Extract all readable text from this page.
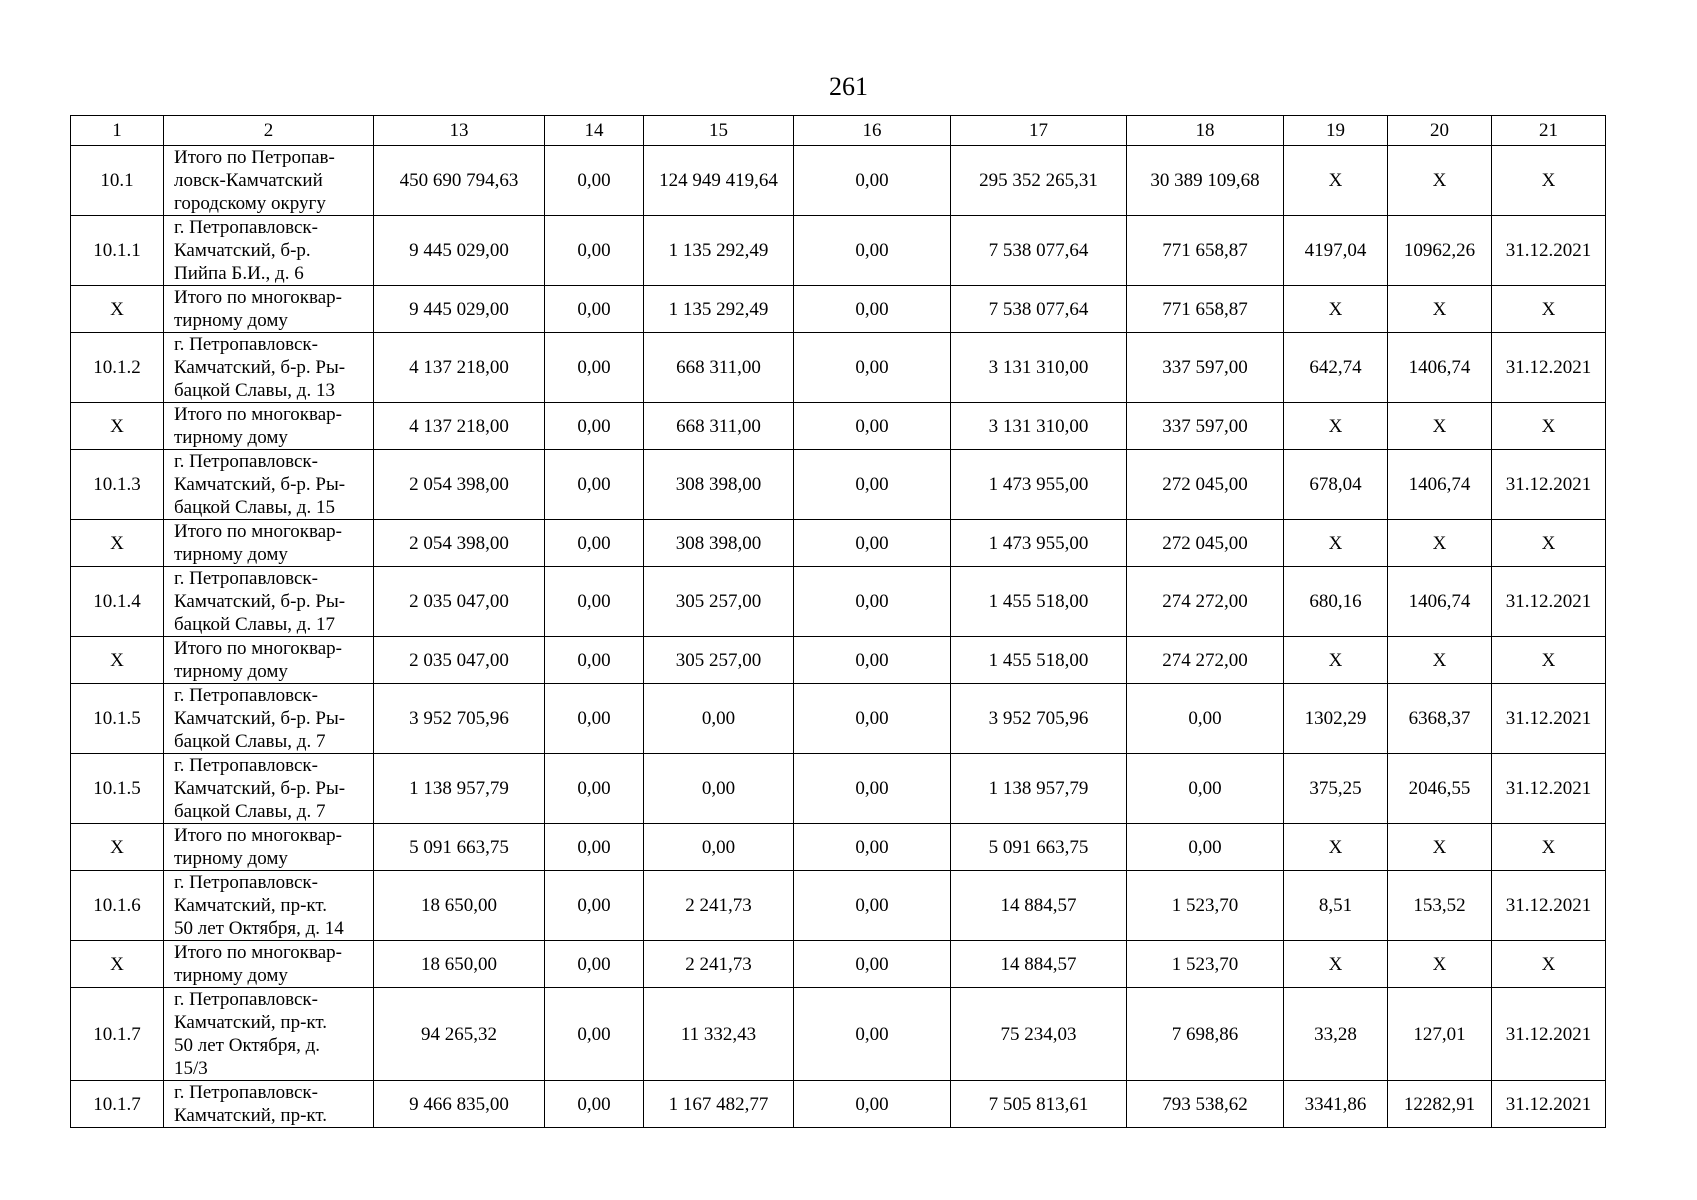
261
1	2	13	14	15	16	17	18	19	20	21
10.1	Итого по Петропав-
ловск-Камчатский
городскому округу	450 690 794,63	0,00	124 949 419,64	0,00	295 352 265,31	30 389 109,68	X	X	X
10.1.1	г. Петропавловск-
Камчатский, б-р.
Пийпа Б.И., д. 6	9 445 029,00	0,00	1 135 292,49	0,00	7 538 077,64	771 658,87	4197,04	10962,26	31.12.2021
X	Итого по многоквар-
тирному дому	9 445 029,00	0,00	1 135 292,49	0,00	7 538 077,64	771 658,87	X	X	X
10.1.2	г. Петропавловск-
Камчатский, б-р. Ры-
бацкой Славы, д. 13	4 137 218,00	0,00	668 311,00	0,00	3 131 310,00	337 597,00	642,74	1406,74	31.12.2021
X	Итого по многоквар-
тирному дому	4 137 218,00	0,00	668 311,00	0,00	3 131 310,00	337 597,00	X	X	X
10.1.3	г. Петропавловск-
Камчатский, б-р. Ры-
бацкой Славы, д. 15	2 054 398,00	0,00	308 398,00	0,00	1 473 955,00	272 045,00	678,04	1406,74	31.12.2021
X	Итого по многоквар-
тирному дому	2 054 398,00	0,00	308 398,00	0,00	1 473 955,00	272 045,00	X	X	X
10.1.4	г. Петропавловск-
Камчатский, б-р. Ры-
бацкой Славы, д. 17	2 035 047,00	0,00	305 257,00	0,00	1 455 518,00	274 272,00	680,16	1406,74	31.12.2021
X	Итого по многоквар-
тирному дому	2 035 047,00	0,00	305 257,00	0,00	1 455 518,00	274 272,00	X	X	X
10.1.5	г. Петропавловск-
Камчатский, б-р. Ры-
бацкой Славы, д. 7	3 952 705,96	0,00	0,00	0,00	3 952 705,96	0,00	1302,29	6368,37	31.12.2021
10.1.5	г. Петропавловск-
Камчатский, б-р. Ры-
бацкой Славы, д. 7	1 138 957,79	0,00	0,00	0,00	1 138 957,79	0,00	375,25	2046,55	31.12.2021
X	Итого по многоквар-
тирному дому	5 091 663,75	0,00	0,00	0,00	5 091 663,75	0,00	X	X	X
10.1.6	г. Петропавловск-
Камчатский, пр-кт.
50 лет Октября, д. 14	18 650,00	0,00	2 241,73	0,00	14 884,57	1 523,70	8,51	153,52	31.12.2021
X	Итого по многоквар-
тирному дому	18 650,00	0,00	2 241,73	0,00	14 884,57	1 523,70	X	X	X
10.1.7	г. Петропавловск-
Камчатский, пр-кт.
50 лет Октября, д.
15/3	94 265,32	0,00	11 332,43	0,00	75 234,03	7 698,86	33,28	127,01	31.12.2021
10.1.7	г. Петропавловск-
Камчатский, пр-кт.	9 466 835,00	0,00	1 167 482,77	0,00	7 505 813,61	793 538,62	3341,86	12282,91	31.12.2021
